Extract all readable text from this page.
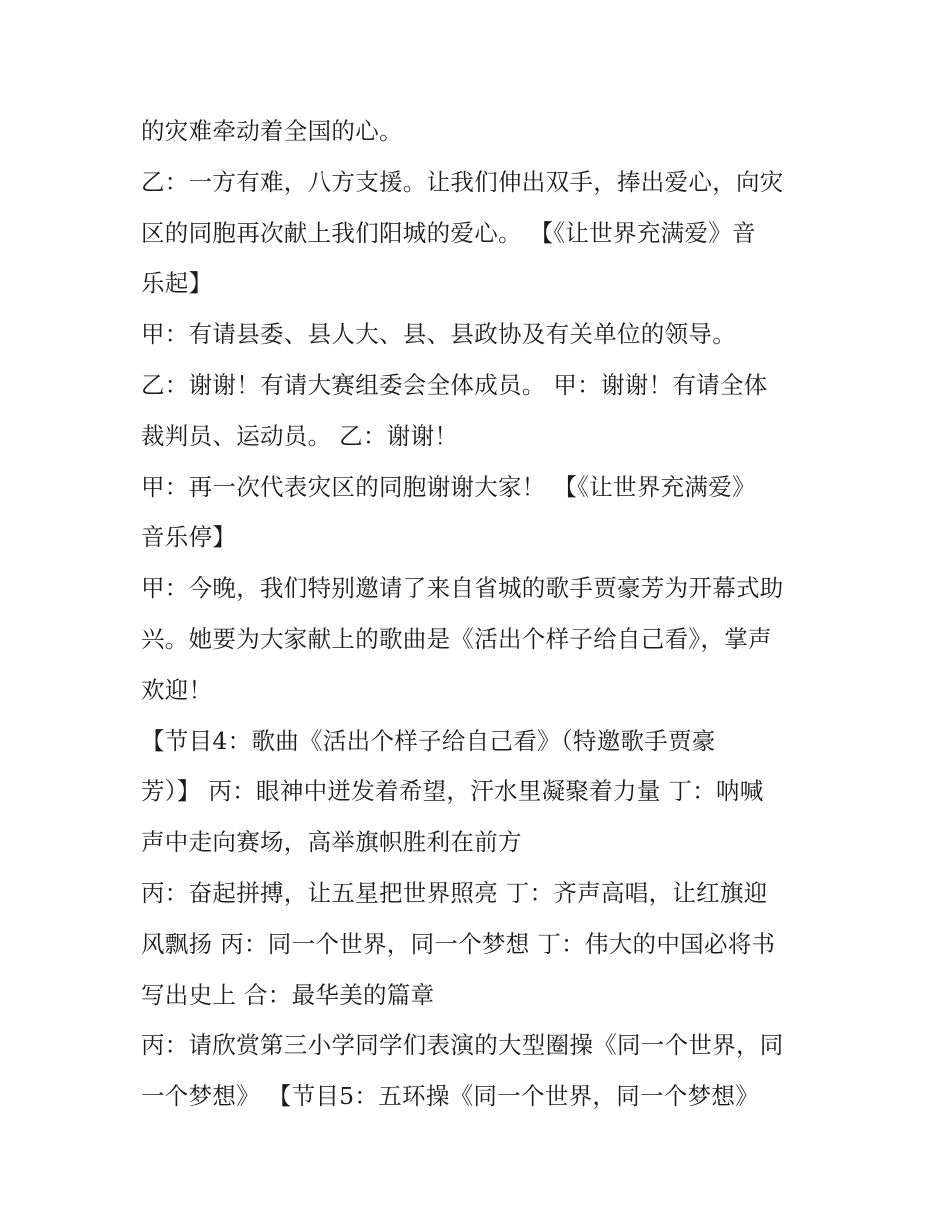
的灾难牵动着全国的心。
乙：一方有难，八方支援。让我们伸出双手，捧出爱心，向灾
区的同胞再次献上我们阳城的爱心。 【《让世界充满爱》音
乐起】
甲：有请县委、县人大、县、县政协及有关单位的领导。
乙：谢谢！有请大赛组委会全体成员。 甲：谢谢！有请全体
裁判员、运动员。 乙：谢谢！
甲：再一次代表灾区的同胞谢谢大家！ 【《让世界充满爱》
音乐停】
甲：今晚，我们特别邀请了来自省城的歌手贾豪芳为开幕式助
兴。她要为大家献上的歌曲是《活出个样子给自己看》，掌声
欢迎！
【节目4：歌曲《活出个样子给自己看》（特邀歌手贾豪
芳）】 丙：眼神中迸发着希望，汗水里凝聚着力量 丁：呐喊
声中走向赛场，高举旗帜胜利在前方
丙：奋起拼搏，让五星把世界照亮 丁：齐声高唱，让红旗迎
风飘扬 丙：同一个世界，同一个梦想 丁：伟大的中国必将书
写出史上 合：最华美的篇章
丙：请欣赏第三小学同学们表演的大型圈操《同一个世界，同
一个梦想》 【节目5：五环操《同一个世界，同一个梦想》
